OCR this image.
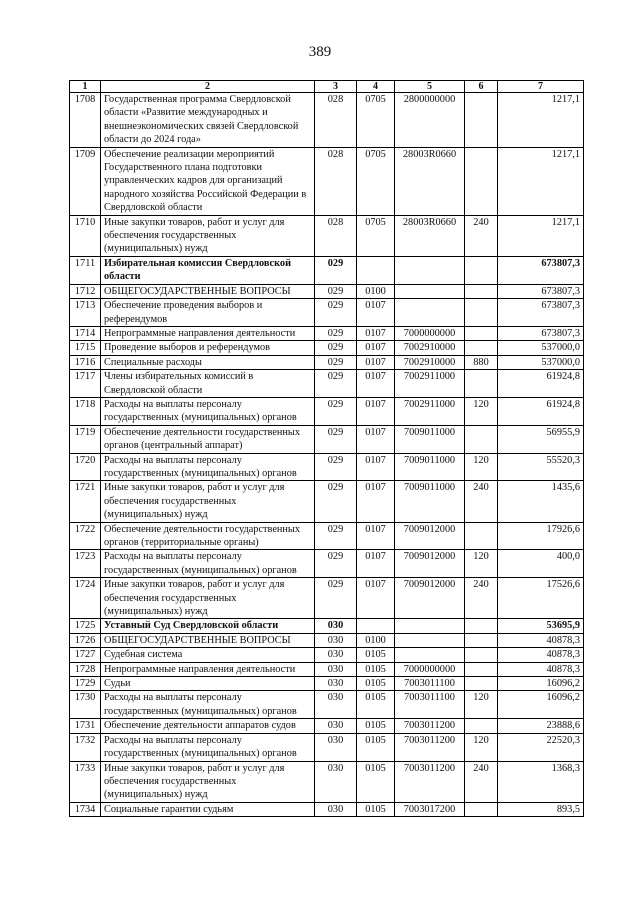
389
1	2	3	4	5	6	7
1708	Государственная программа Свердловской области «Развитие международных и внешнеэкономических связей Свердловской области до 2024 года»	028	0705	2800000000		1217,1
1709	Обеспечение реализации мероприятий Государственного плана подготовки управленческих кадров для организаций народного хозяйства Российской Федерации в Свердловской области	028	0705	28003R0660		1217,1
1710	Иные закупки товаров, работ и услуг для обеспечения государственных (муниципальных) нужд	028	0705	28003R0660	240	1217,1
1711	Избирательная комиссия Свердловской области	029				673807,3
1712	ОБЩЕГОСУДАРСТВЕННЫЕ ВОПРОСЫ	029	0100			673807,3
1713	Обеспечение проведения выборов и референдумов	029	0107			673807,3
1714	Непрограммные направления деятельности	029	0107	7000000000		673807,3
1715	Проведение выборов и референдумов	029	0107	7002910000		537000,0
1716	Специальные расходы	029	0107	7002910000	880	537000,0
1717	Члены избирательных комиссий в Свердловской области	029	0107	7002911000		61924,8
1718	Расходы на выплаты персоналу государственных (муниципальных) органов	029	0107	7002911000	120	61924,8
1719	Обеспечение деятельности государственных органов (центральный аппарат)	029	0107	7009011000		56955,9
1720	Расходы на выплаты персоналу государственных (муниципальных) органов	029	0107	7009011000	120	55520,3
1721	Иные закупки товаров, работ и услуг для обеспечения государственных (муниципальных) нужд	029	0107	7009011000	240	1435,6
1722	Обеспечение деятельности государственных органов (территориальные органы)	029	0107	7009012000		17926,6
1723	Расходы на выплаты персоналу государственных (муниципальных) органов	029	0107	7009012000	120	400,0
1724	Иные закупки товаров, работ и услуг для обеспечения государственных (муниципальных) нужд	029	0107	7009012000	240	17526,6
1725	Уставный Суд Свердловской области	030				53695,9
1726	ОБЩЕГОСУДАРСТВЕННЫЕ ВОПРОСЫ	030	0100			40878,3
1727	Судебная система	030	0105			40878,3
1728	Непрограммные направления деятельности	030	0105	7000000000		40878,3
1729	Судьи	030	0105	7003011100		16096,2
1730	Расходы на выплаты персоналу государственных (муниципальных) органов	030	0105	7003011100	120	16096,2
1731	Обеспечение деятельности аппаратов судов	030	0105	7003011200		23888,6
1732	Расходы на выплаты персоналу государственных (муниципальных) органов	030	0105	7003011200	120	22520,3
1733	Иные закупки товаров, работ и услуг для обеспечения государственных (муниципальных) нужд	030	0105	7003011200	240	1368,3
1734	Социальные гарантии судьям	030	0105	7003017200		893,5
